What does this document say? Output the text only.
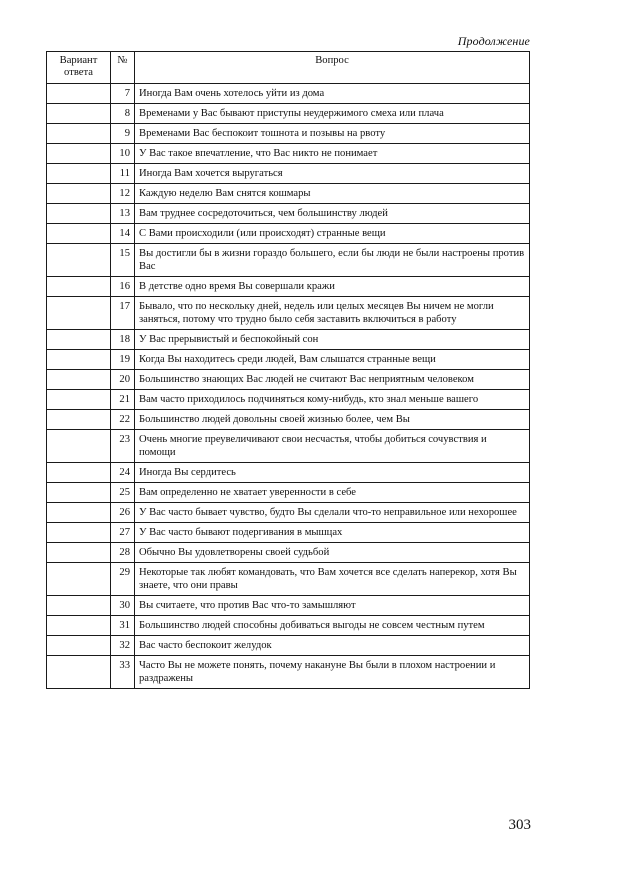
Продолжение
Вариант ответа	№	Вопрос
	7	Иногда Вам очень хотелось уйти из дома
	8	Временами у Вас бывают приступы неудержимого смеха или плача
	9	Временами Вас беспокоит тошнота и позывы на рвоту
	10	У Вас такое впечатление, что Вас никто не понимает
	11	Иногда Вам хочется выругаться
	12	Каждую неделю Вам снятся кошмары
	13	Вам труднее сосредоточиться, чем большинству людей
	14	С Вами происходили (или происходят) странные вещи
	15	Вы достигли бы в жизни гораздо большего, если бы люди не были настроены против Вас
	16	В детстве одно время Вы совершали кражи
	17	Бывало, что по нескольку дней, недель или целых месяцев Вы ничем не могли заняться, потому что трудно было себя заставить включиться в работу
	18	У Вас прерывистый и беспокойный сон
	19	Когда Вы находитесь среди людей, Вам слышатся странные вещи
	20	Большинство знающих Вас людей не считают Вас неприятным человеком
	21	Вам часто приходилось подчиняться кому-нибудь, кто знал меньше вашего
	22	Большинство людей довольны своей жизнью более, чем Вы
	23	Очень многие преувеличивают свои несчастья, чтобы добиться сочувствия и помощи
	24	Иногда Вы сердитесь
	25	Вам определенно не хватает уверенности в себе
	26	У Вас часто бывает чувство, будто Вы сделали что-то неправильное или нехорошее
	27	У Вас часто бывают подергивания в мышцах
	28	Обычно Вы удовлетворены своей судьбой
	29	Некоторые так любят командовать, что Вам хочется все сделать наперекор, хотя Вы знаете, что они правы
	30	Вы считаете, что против Вас что-то замышляют
	31	Большинство людей способны добиваться выгоды не совсем честным путем
	32	Вас часто беспокоит желудок
	33	Часто Вы не можете понять, почему накануне Вы были в плохом настроении и раздражены
303
